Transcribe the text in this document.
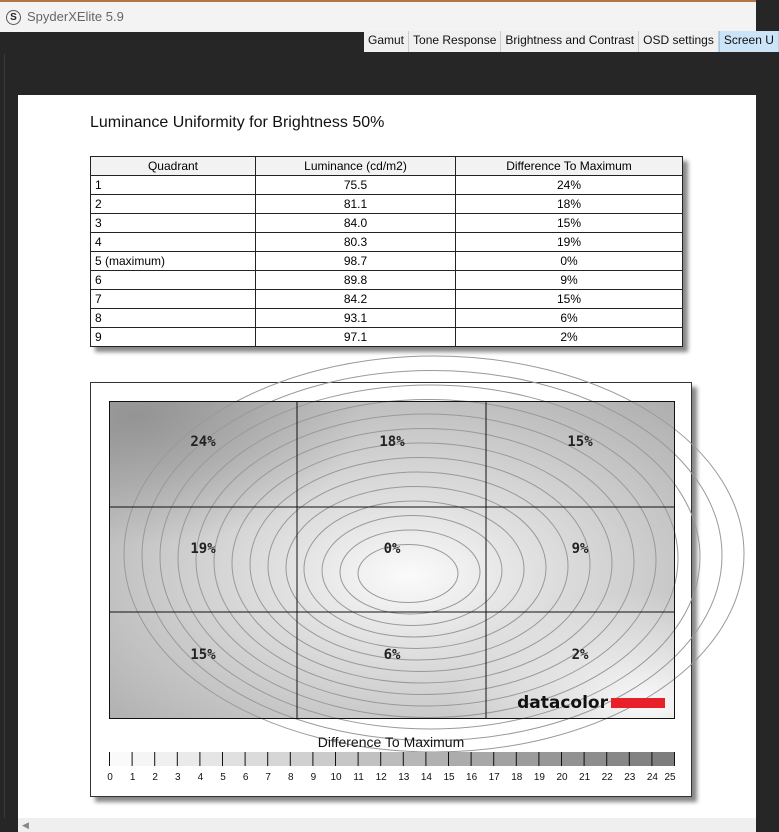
S SpyderXElite 5.9
Gamut Tone Response Brightness and Contrast OSD settings Screen U
Luminance Uniformity for Brightness 50%
Quadrant	Luminance (cd/m2)	Difference To Maximum
1	75.5	24%
2	81.1	18%
3	84.0	15%
4	80.3	19%
5 (maximum)	98.7	0%
6	89.8	9%
7	84.2	15%
8	93.1	6%
9	97.1	2%
24%	18%	15%
19%	0%	9%
15%	6%	2%
datacolor
Difference To Maximum
0 1 2 3 4 5 6 7 8 9 10 11 12 13 14 15 16 17 18 19 20 21 22 23 24 25
◀
